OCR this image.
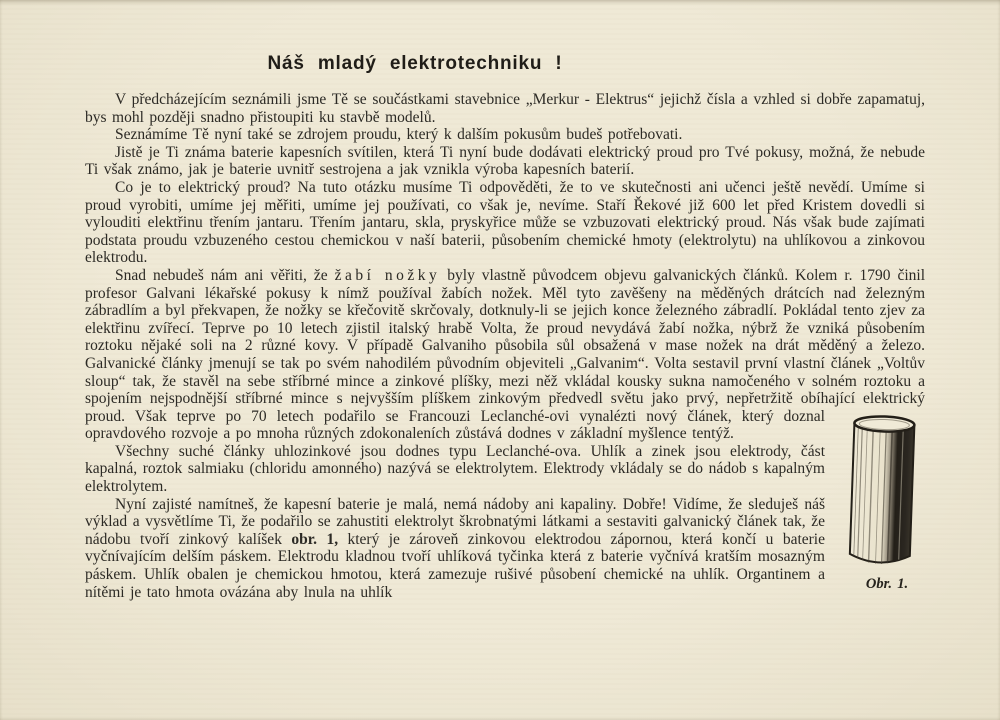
Náš mladý elektrotechniku !

V předcházejícím seznámili jsme Tě se součástkami stavebnice „Merkur - Elektrus“ jejichž čísla a vzhled si dobře zapamatuj, bys mohl později snadno přistoupiti ku stavbě modelů.

Seznámíme Tě nyní také se zdrojem proudu, který k dalším pokusům budeš potřebovati.

Jistě je Ti známa baterie kapesních svítilen, která Ti nyní bude dodávati elektrický proud pro Tvé pokusy, možná, že nebude Ti však známo, jak je baterie uvnitř sestrojena a jak vznikla výroba kapesních baterií.

Co je to elektrický proud? Na tuto otázku musíme Ti odpověděti, že to ve skutečnosti ani učenci ještě nevědí. Umíme si proud vyrobiti, umíme jej měřiti, umíme jej používati, co však je, nevíme. Staří Řekové již 600 let před Kristem dovedli si vylouditi elektřinu třením jantaru. Třením jantaru, skla, pryskyřice může se vzbuzovati elektrický proud. Nás však bude zajímati podstata proudu vzbuzeného cestou chemickou v naší baterii, působením chemické hmoty (elektrolytu) na uhlíkovou a zinkovou elektrodu.

Snad nebudeš nám ani věřiti, že žabí nožky byly vlastně původcem objevu galvanických článků. Kolem r. 1790 činil profesor Galvani lékařské pokusy k nímž používal žabích nožek. Měl tyto zavěšeny na měděných drátcích nad železným zábradlím a byl překvapen, že nožky se křečovitě skrčovaly, dotknuly-li se jejich konce železného zábradlí. Pokládal tento zjev za elektřinu zvířecí. Teprve po 10 letech zjistil italský hrabě Volta, že proud nevydává žabí nožka, nýbrž že vzniká působením roztoku nějaké soli na 2 různé kovy. V případě Galvaniho působila sůl obsažená v mase nožek na drát měděný a železo. Galvanické články jmenují se tak po svém nahodilém původním objeviteli „Galvanim“. Volta sestavil první vlastní článek „Voltův sloup“ tak, že stavěl na sebe stříbrné mince a zinkové plíšky, mezi něž vkládal kousky sukna namočeného v solném roztoku a spojením nejspodnější stříbrné mince s nejvyšším plíškem zinkovým předvedl světu jako prvý, nepřetržitě obíhající elektrický proud. Však teprve po 70 letech
Obr. 1.
podařilo se Francouzi Leclanché-ovi vynalézti nový článek, který doznal opravdového rozvoje a po mnoha různých zdokonaleních zůstává dodnes v základní myšlence tentýž.

Všechny suché články uhlozinkové jsou dodnes typu Leclanché-ova. Uhlík a zinek jsou elektrody, část kapalná, roztok salmiaku (chloridu amonného) nazývá se elektrolytem. Elektrody vkládaly se do nádob s kapalným elektrolytem.

Nyní zajisté namítneš, že kapesní baterie je malá, nemá nádoby ani kapaliny. Dobře! Vidíme, že sleduješ náš výklad a vysvětlíme Ti, že podařilo se zahustiti elektrolyt škrobnatými látkami a sestaviti galvanický článek tak, že nádobu tvoří zinkový kalíšek obr. 1, který je zároveň zinkovou elektrodou zápornou, která končí u baterie vyčnívajícím delším páskem. Elektrodu kladnou tvoří uhlíková tyčinka která z baterie vyčnívá kratším mosazným páskem. Uhlík obalen je chemickou hmotou, která zamezuje rušivé působení chemické na uhlík. Organtinem a nítěmi je tato hmota ovázána aby lnula na uhlík
